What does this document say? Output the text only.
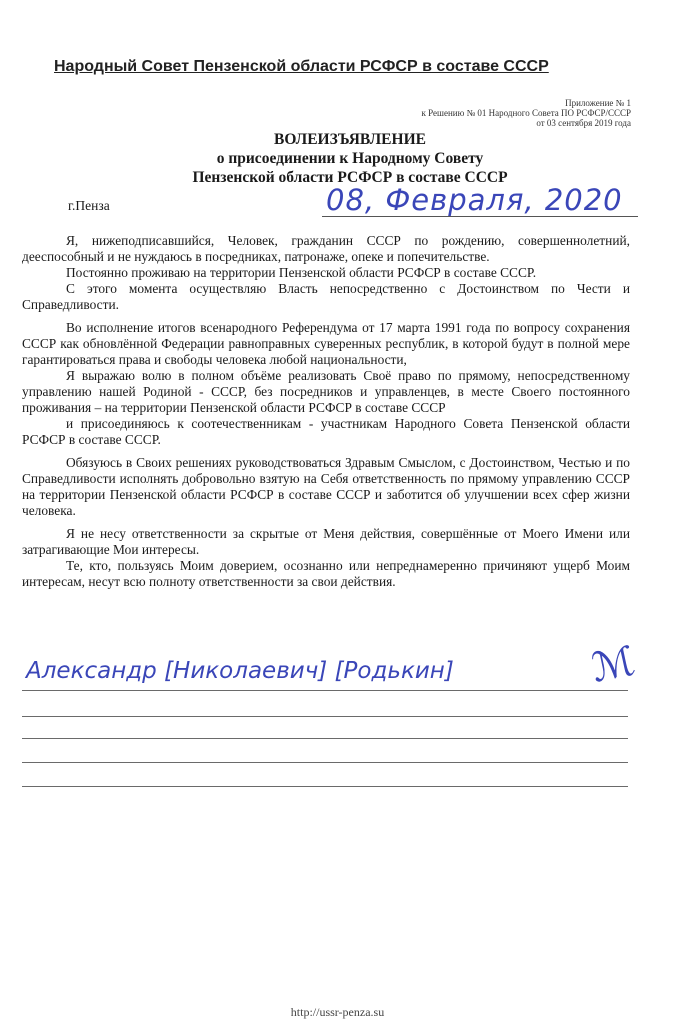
Народный Совет Пензенской области РСФСР в составе СССР
Приложение № 1
к Решению № 01 Народного Совета ПО РСФСР/СССР
от 03 сентября 2019 года
ВОЛЕИЗЪЯВЛЕНИЕ
о присоединении к Народному Совету
Пензенской области РСФСР в составе СССР
г.Пенза	08, Февраля, 2020

Я, нижеподписавшийся, Человек, гражданин СССР по рождению, совершеннолетний, дееспособный и не нуждаюсь в посредниках, патронаже, опеке и попечительстве.

Постоянно проживаю на территории Пензенской области РСФСР в составе СССР.

С этого момента осуществляю Власть непосредственно с Достоинством по Чести и Справедливости.

Во исполнение итогов всенародного Референдума от 17 марта 1991 года по вопросу сохранения СССР как обновлённой Федерации равноправных суверенных республик, в которой будут в полной мере гарантироваться права и свободы человека любой национальности,

Я выражаю волю в полном объёме реализовать Своё право по прямому, непосредственному управлению нашей Родиной - СССР, без посредников и управленцев, в месте Своего постоянного проживания – на территории Пензенской области РСФСР в составе СССР

и присоединяюсь к соотечественникам - участникам Народного Совета Пензенской области РСФСР в составе СССР.

Обязуюсь в Своих решениях руководствоваться Здравым Смыслом, с Достоинством, Честью и по Справедливости исполнять добровольно взятую на Себя ответственность по прямому управлению СССР на территории Пензенской области РСФСР в составе СССР и заботится об улучшении всех сфер жизни человека.

Я не несу ответственности за скрытые от Меня действия, совершённые от Моего Имени или затрагивающие Мои интересы.

Те, кто, пользуясь Моим доверием, осознанно или непреднамеренно причиняют ущерб Моим интересам, несут всю полноту ответственности за свои действия.

Александр [Николаевич] [Родькин]	ℳ
http://ussr-penza.su
